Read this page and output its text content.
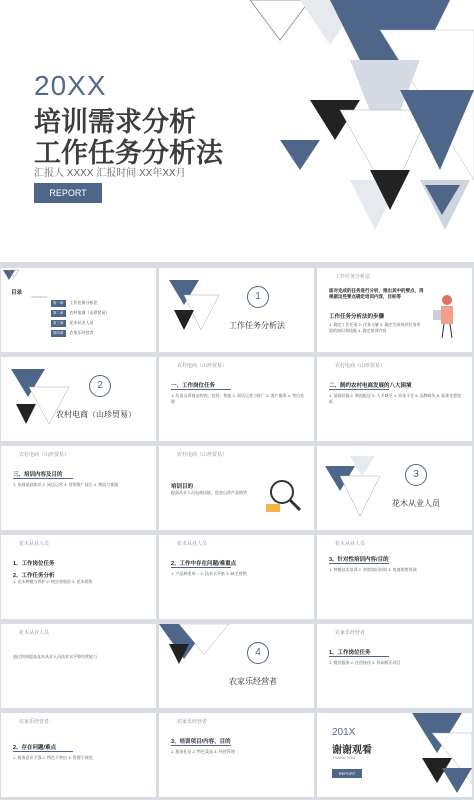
20XX
培训需求分析
工作任务分析法
汇报人 XXXX 汇报时间 XX年XX月
REPORT
目录
CONTENTS
第一章	工作任务分析法
第二章	农村电商（山珍贸易）
第三章	花木从业人员
第四章	农家乐经营者
1
工作任务分析法
工作任务分析法
面对完成的任务进行分析，推出其中的要点，再根据这些要点确定培训内容，目标等
工作任务分析法的步骤
1. 确定工作任务 2. 任务分解 3. 确定完成每项任务所需的知识和技能 4. 确定培训内容
2
农村电商（山珍贸易）
农村电商（山珍贸易）
一、工作岗位任务
1. 负责山珍商品收购、包装、物流 2. 网店运营与推广 3. 客户服务 4. 售后处理
农村电商（山珍贸易）
二、制约农村电商发展的八大困境
1. 基础设施 2. 物流配送 3. 人才缺乏 4. 资金不足 5. 品牌缺失 6. 标准化程度低
农村电商（山珍贸易）
三、培训内容及目的
1. 电商基础知识 2. 网店运营 3. 营销推广技巧 4. 物流与客服
农村电商（山珍贸易）
培训目的
提高从业人员电商技能，促进山珍产品销售
3
花木从业人员
花木从业人员
1、工作岗位任务
2、工作任务分析
1. 花木种植与养护 2. 病虫害防治 3. 花木销售
花木从业人员
2、工作中存在问题/难重点
1. 产品种类单一 2. 技术水平低 3. 缺乏营销
花木从业人员
3、针对性培训内容/目的
1. 种植技术培训 2. 营销知识培训 3. 电商销售培训
花木从业人员
通过培训提高花木从业人员技术水平和经营能力	4
农家乐经营者
农家乐经营者
1、工作岗位任务
1. 餐饮服务 2. 住宿接待 3. 休闲娱乐项目
农家乐经营者
2、存在问题/难点
1. 服务意识不强 2. 特色不突出 3. 管理不规范
农家乐经营者
3、培训项目/内容、目的
1. 服务礼仪 2. 特色菜品 3. 经营管理
201X
谢谢观看
THANK YOU
REPORT
